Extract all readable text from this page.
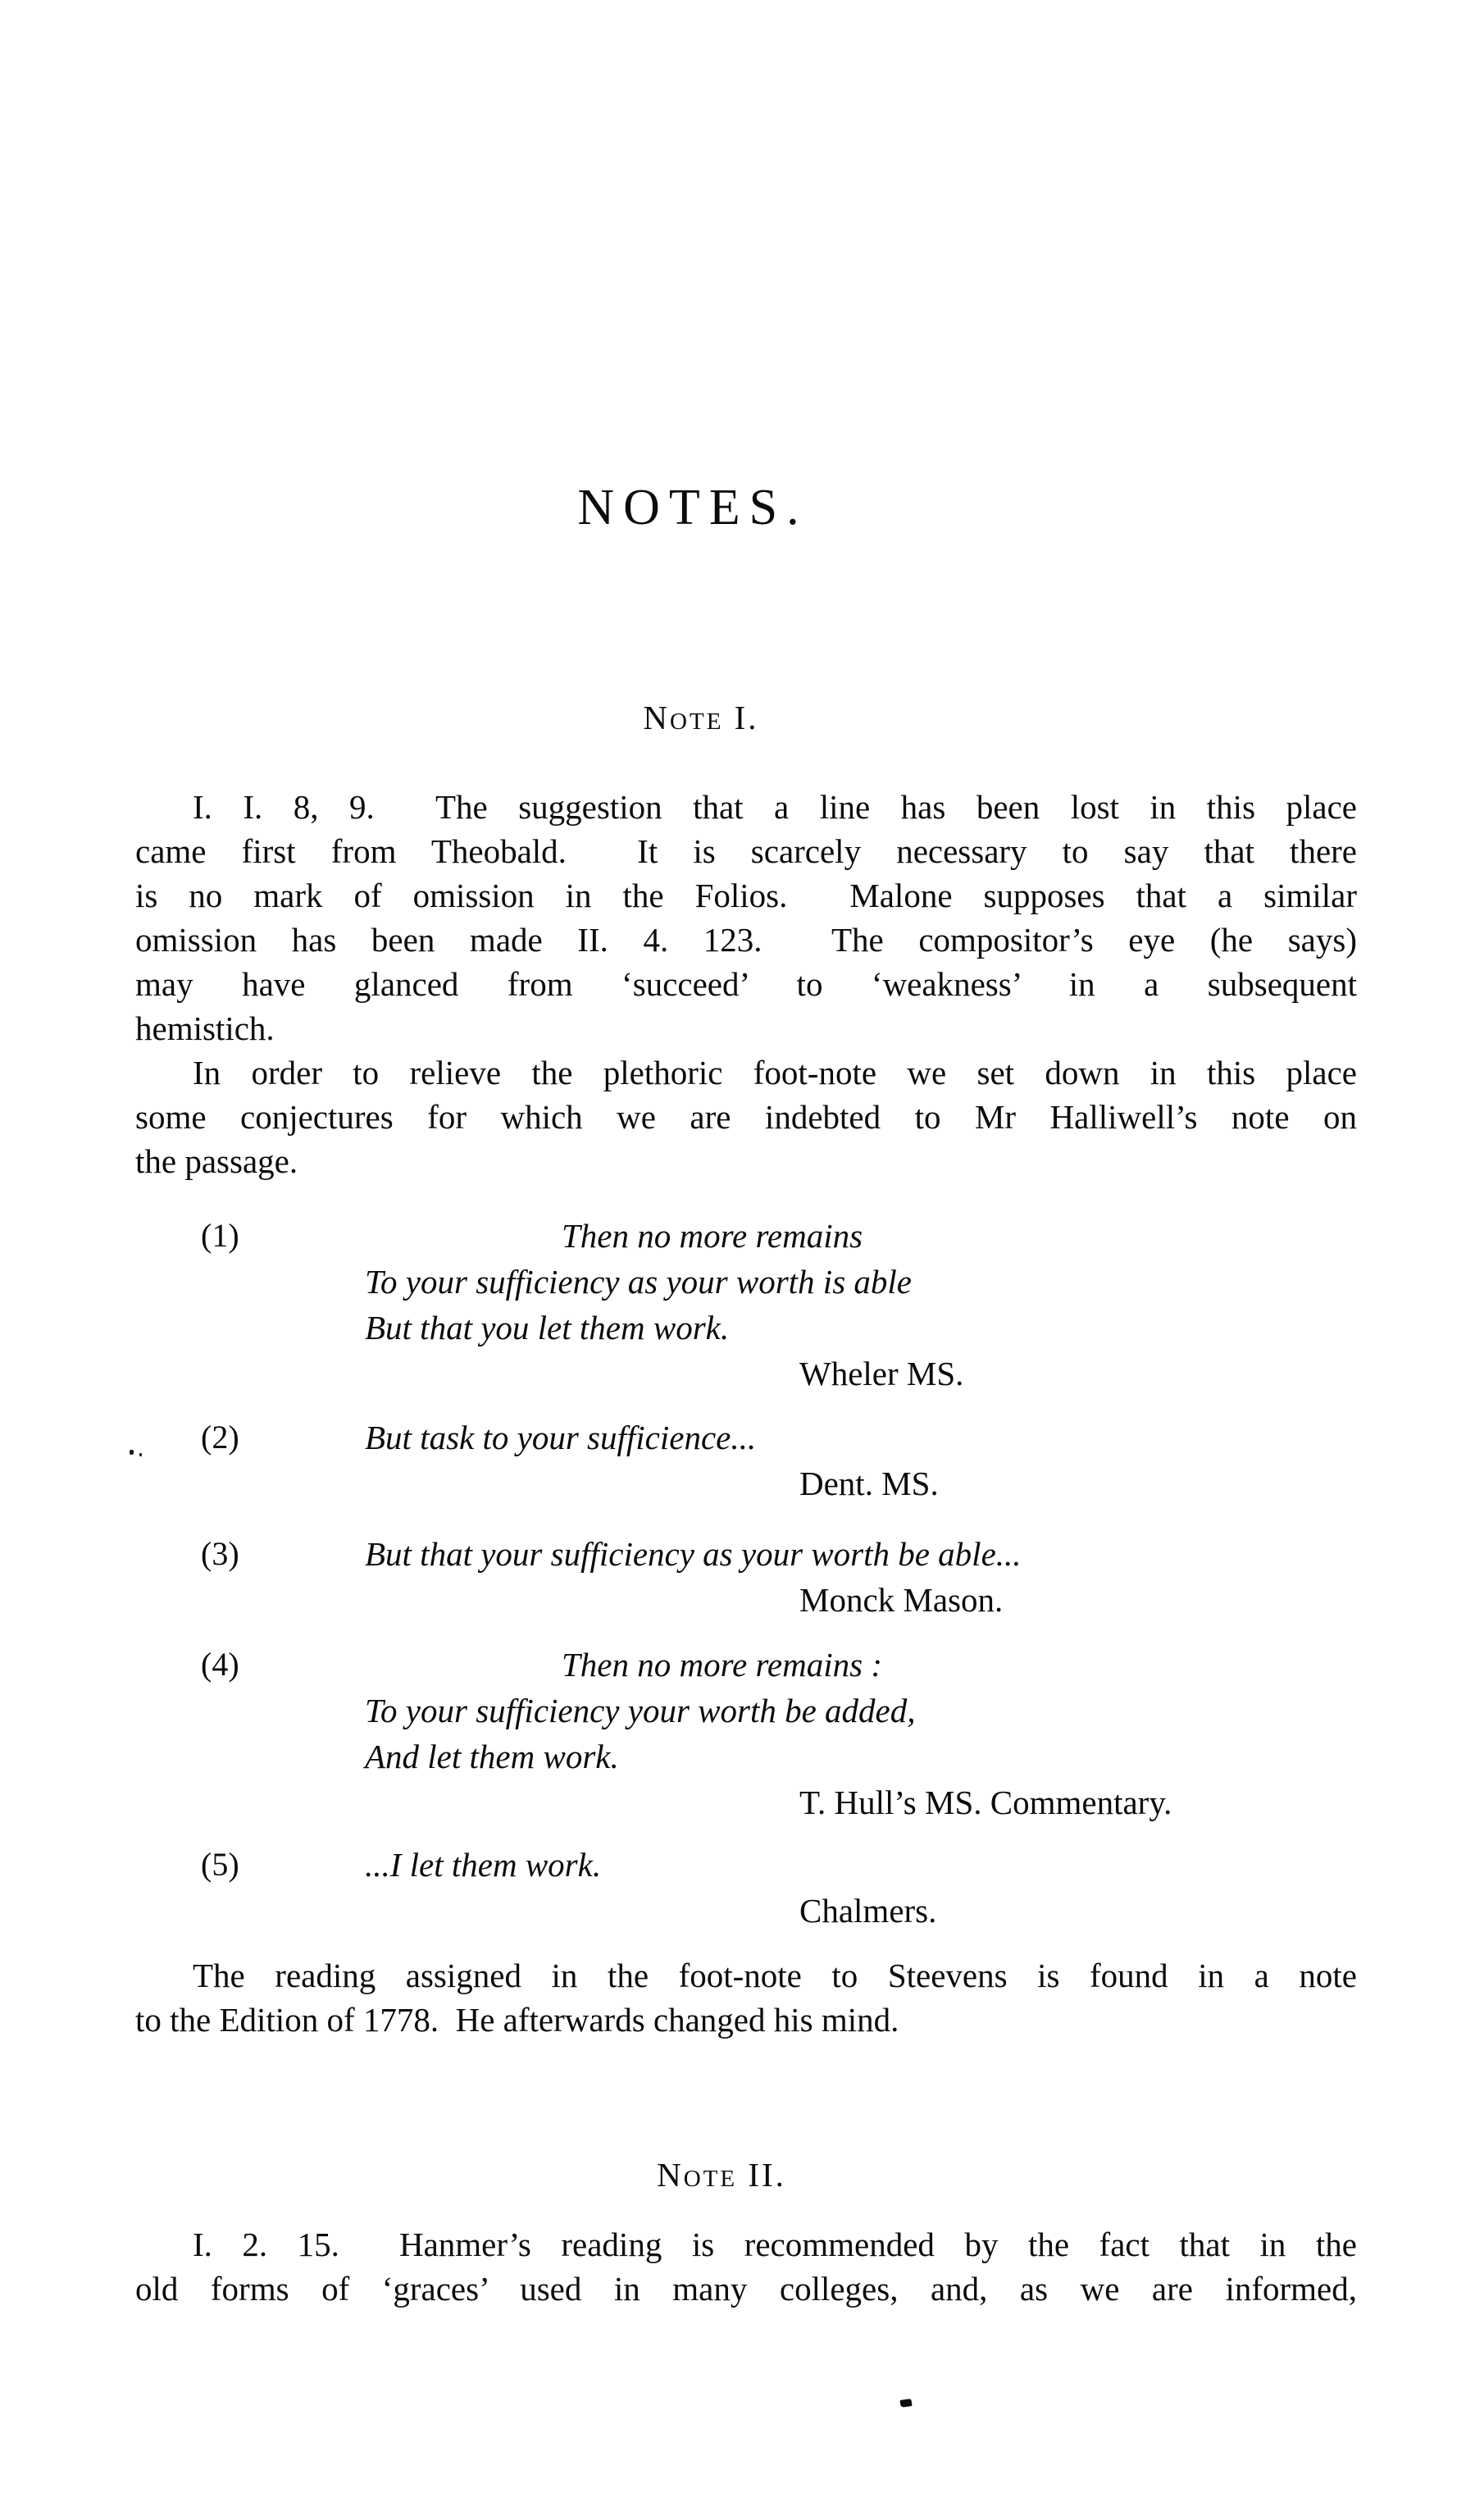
NOTES.
Note I.
I. I. 8, 9.  The suggestion that a line has been lost in this place
came first from Theobald.  It is scarcely necessary to say that there
is no mark of omission in the Folios.  Malone supposes that a similar
omission has been made II. 4. 123.  The compositor’s eye (he says)
may have glanced from ‘succeed’ to ‘weakness’ in a subsequent
hemistich.
In order to relieve the plethoric foot-note we set down in this place
some conjectures for which we are indebted to Mr Halliwell’s note on
the passage.
(1)	Then no more remains
To your sufficiency as your worth is able
But that you let them work.
Wheler MS.
(2)	But task to your sufficience...
Dent. MS.
(3)	But that your sufficiency as your worth be able...
Monck Mason.
(4)	Then no more remains :
To your sufficiency your worth be added,
And let them work.
T. Hull’s MS. Commentary.
(5)	...I let them work.
Chalmers.
The reading assigned in the foot-note to Steevens is found in a note
to the Edition of 1778.  He afterwards changed his mind.
Note II.
I. 2. 15.  Hanmer’s reading is recommended by the fact that in the
old forms of ‘graces’ used in many colleges, and, as we are informed,
